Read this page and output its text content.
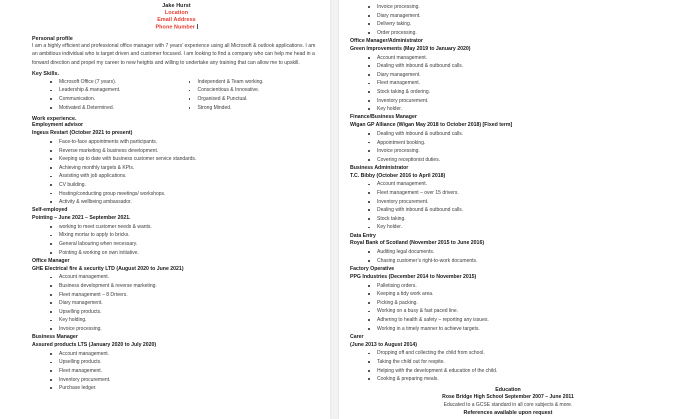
Jake Hurst
Location
Email Address
Phone Number
Personal profile
I am a highly efficient and professional office manager with 7 years’ experience using all Microsoft & outlook applications. I am an ambitious individual who is target driven and customer focused. I am looking to find a company who can help me head in a forward direction and propel my career to new heights and willing to undertake any training that can allow me to upskill.
Key Skills.
Microsoft Office (7 years).
Leadership & management.
Communication.
Motivated & Determined.
Independent & Team working.
Conscientious & Innovative.
Organised & Punctual.
Strong Minded.
Work experience.
Employment advisor
Ingeus Restart (October 2021 to present)
Face-to-face appointments with participants.
Reverse marketing & business development.
Keeping up to date with business customer service standards.
Achieving monthly targets & KPIs.
Assisting with job applications.
CV building.
Hosting/conducting group meetings/ workshops.
Activity & wellbeing ambassador.
Self-employed
Pointing – June 2021 – September 2021.
working to meet customer needs & wants.
Mixing mortar to apply to bricks.
General labouring when necessary.
Pointing & working on own initiative.
Office Manager
GHE Electrical fire & security LTD (August 2020 to June 2021)
Account management.
Business development & reverse marketing.
Fleet management – 8 Drivers.
Diary management.
Upselling products.
Key holding.
Invoice processing.
Business Manager
Assured products LTS (January 2020 to July 2020)
Account management.
Upselling products.
Fleet management.
Inventory procurement.
Purchase ledger.
Invoice processing.
Diary management.
Delivery taking.
Order processing.
Office Manager/Administrator
Green Improvements (May 2019 to January 2020)
Account management.
Dealing with inbound & outbound calls.
Diary management.
Fleet management.
Stock taking & ordering.
Inventory procurement.
Key holder.
Finance/Business Manager
Wigan GP Alliance (Wigan May 2018 to October 2018) [Fixed term]
Dealing with inbound & outbound calls.
Appointment booking.
Invoice processing.
Covering receptionist duties.
Business Administrator
T.C. Bibby (October 2016 to April 2018)
Account management.
Fleet management – over 15 drivers.
Inventory procurement.
Dealing with inbound & outbound calls.
Stock taking.
Key holder.
Data Entry
Royal Bank of Scotland (November 2015 to June 2016)
Auditing legal documents.
Chasing customer’s right-to-work documents.
Factory Operative
PPG Industries (December 2014 to November 2015)
Palletising orders.
Keeping a tidy work area.
Picking & packing.
Working on a busy & fast paced line.
Adhering to health & safety – reporting any issues.
Working in a timely manner to achieve targets.
Carer
(June 2013 to August 2014)
Dropping off and collecting the child from school.
Taking the child out for respite.
Helping with the development & education of the child.
Cooking & preparing meals.
Education
Rose Bridge High School September 2007 – June 2011
Educated to a GCSE standard in all core subjects & more.
References available upon request
